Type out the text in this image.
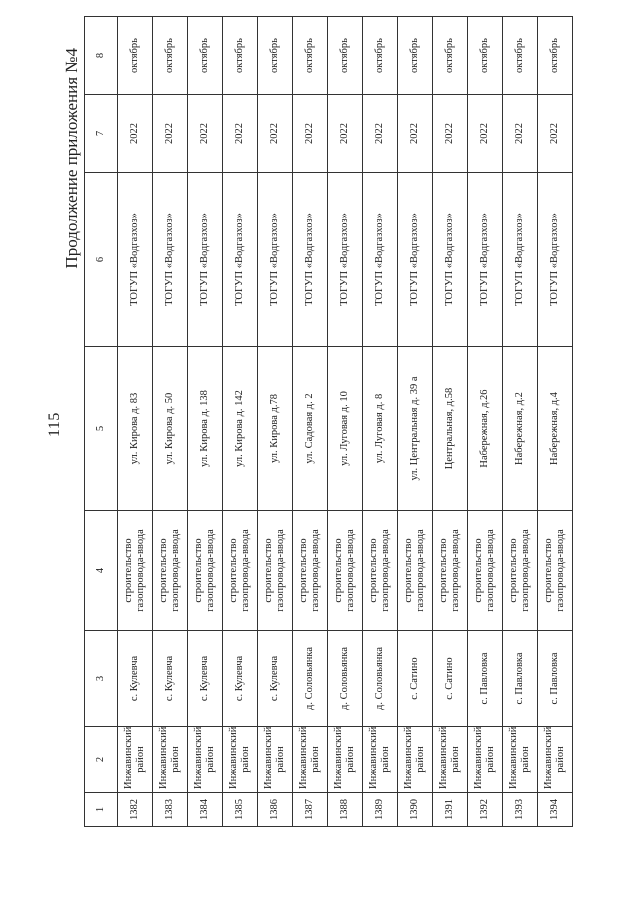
115
Продолжение приложения №4
1	2	3	4	5	6	7	8
1382	Инжавинский район	с. Кулевча	строительство газопровода-ввода	ул. Кирова д. 83	ТОГУП «Водгазхоз»	2022	октябрь
1383	Инжавинский район	с. Кулевча	строительство газопровода-ввода	ул. Кирова д. 50	ТОГУП «Водгазхоз»	2022	октябрь
1384	Инжавинский район	с. Кулевча	строительство газопровода-ввода	ул. Кирова д. 138	ТОГУП «Водгазхоз»	2022	октябрь
1385	Инжавинский район	с. Кулевча	строительство газопровода-ввода	ул. Кирова д. 142	ТОГУП «Водгазхоз»	2022	октябрь
1386	Инжавинский район	с. Кулевча	строительство газопровода-ввода	ул. Кирова д.78	ТОГУП «Водгазхоз»	2022	октябрь
1387	Инжавинский район	д. Соловьянка	строительство газопровода-ввода	ул. Садовая д. 2	ТОГУП «Водгазхоз»	2022	октябрь
1388	Инжавинский район	д. Соловьянка	строительство газопровода-ввода	ул. Луговая д. 10	ТОГУП «Водгазхоз»	2022	октябрь
1389	Инжавинский район	д. Соловьянка	строительство газопровода-ввода	ул. Луговая д. 8	ТОГУП «Водгазхоз»	2022	октябрь
1390	Инжавинский район	с. Сатино	строительство газопровода-ввода	ул. Центральная д. 39 а	ТОГУП «Водгазхоз»	2022	октябрь
1391	Инжавинский район	с. Сатино	строительство газопровода-ввода	Центральная, д.58	ТОГУП «Водгазхоз»	2022	октябрь
1392	Инжавинский район	с. Павловка	строительство газопровода-ввода	Набережная, д.26	ТОГУП «Водгазхоз»	2022	октябрь
1393	Инжавинский район	с. Павловка	строительство газопровода-ввода	Набережная, д.2	ТОГУП «Водгазхоз»	2022	октябрь
1394	Инжавинский район	с. Павловка	строительство газопровода-ввода	Набережная, д.4	ТОГУП «Водгазхоз»	2022	октябрь
